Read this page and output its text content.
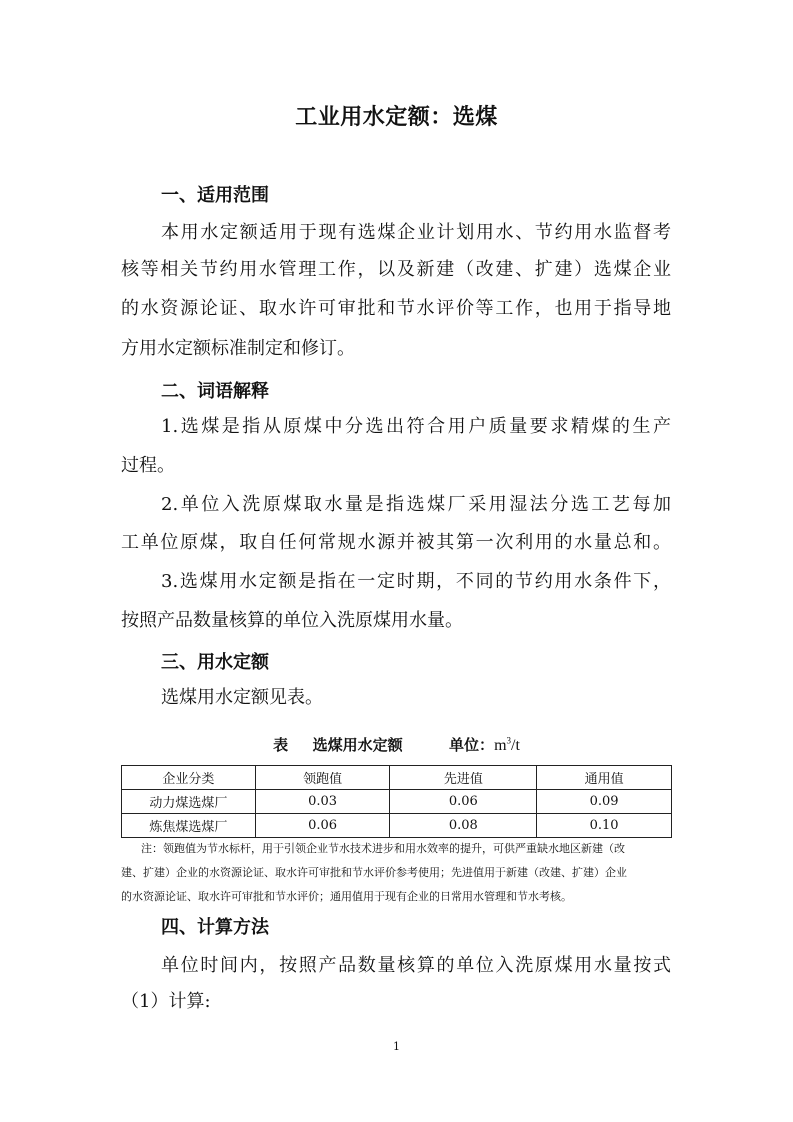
工业用水定额：选煤
一、适用范围
本用水定额适用于现有选煤企业计划用水、节约用水监督考
核等相关节约用水管理工作，以及新建（改建、扩建）选煤企业
的水资源论证、取水许可审批和节水评价等工作，也用于指导地
方用水定额标准制定和修订。
二、词语解释
1.选煤是指从原煤中分选出符合用户质量要求精煤的生产
过程。
2.单位入洗原煤取水量是指选煤厂采用湿法分选工艺每加
工单位原煤，取自任何常规水源并被其第一次利用的水量总和。
3.选煤用水定额是指在一定时期，不同的节约用水条件下，
按照产品数量核算的单位入洗原煤用水量。
三、用水定额
选煤用水定额见表。
表 选煤用水定额	单位：$m^3/t$
企业分类	领跑值	先进值	通用值
动力煤选煤厂	0.03	0.06	0.09
炼焦煤选煤厂	0.06	0.08	0.10
注：领跑值为节水标杆，用于引领企业节水技术进步和用水效率的提升，可供严重缺水地区新建（改
建、扩建）企业的水资源论证、取水许可审批和节水评价参考使用；先进值用于新建（改建、扩建）企业
的水资源论证、取水许可审批和节水评价；通用值用于现有企业的日常用水管理和节水考核。
四、计算方法
单位时间内，按照产品数量核算的单位入洗原煤用水量按式
（1）计算:
1
